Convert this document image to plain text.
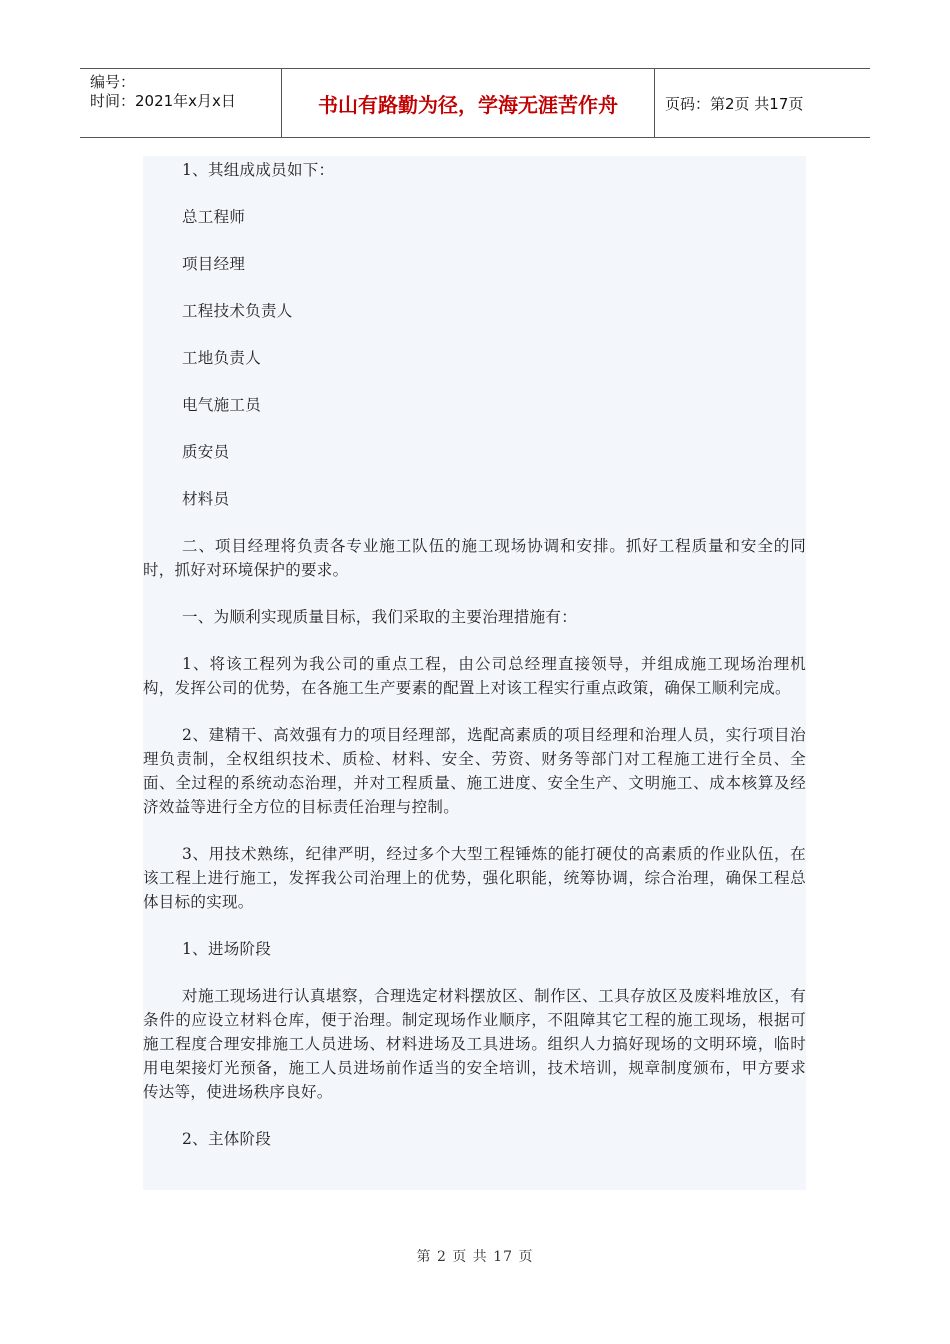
编号：
时间：2021年x月x日	书山有路勤为径，学海无涯苦作舟	页码：第2页 共17页

1、其组成成员如下：

总工程师

项目经理

工程技术负责人

工地负责人

电气施工员

质安员

材料员

二、项目经理将负责各专业施工队伍的施工现场协调和安排。抓好工程质量和安全的同时，抓好对环境保护的要求。

一、为顺利实现质量目标，我们采取的主要治理措施有：

1、将该工程列为我公司的重点工程，由公司总经理直接领导，并组成施工现场治理机构，发挥公司的优势，在各施工生产要素的配置上对该工程实行重点政策，确保工顺利完成。

2、建精干、高效强有力的项目经理部，选配高素质的项目经理和治理人员，实行项目治理负责制，全权组织技术、质检、材料、安全、劳资、财务等部门对工程施工进行全员、全面、全过程的系统动态治理，并对工程质量、施工进度、安全生产、文明施工、成本核算及经济效益等进行全方位的目标责任治理与控制。

3、用技术熟练，纪律严明，经过多个大型工程锤炼的能打硬仗的高素质的作业队伍，在该工程上进行施工，发挥我公司治理上的优势，强化职能，统筹协调，综合治理，确保工程总体目标的实现。

1、进场阶段

对施工现场进行认真堪察，合理选定材料摆放区、制作区、工具存放区及废料堆放区，有条件的应设立材料仓库，便于治理。制定现场作业顺序，不阻障其它工程的施工现场，根据可施工程度合理安排施工人员进场、材料进场及工具进场。组织人力搞好现场的文明环境，临时用电架接灯光预备，施工人员进场前作适当的安全培训，技术培训，规章制度颁布，甲方要求传达等，使进场秩序良好。

2、主体阶段

第 2 页 共 17 页
